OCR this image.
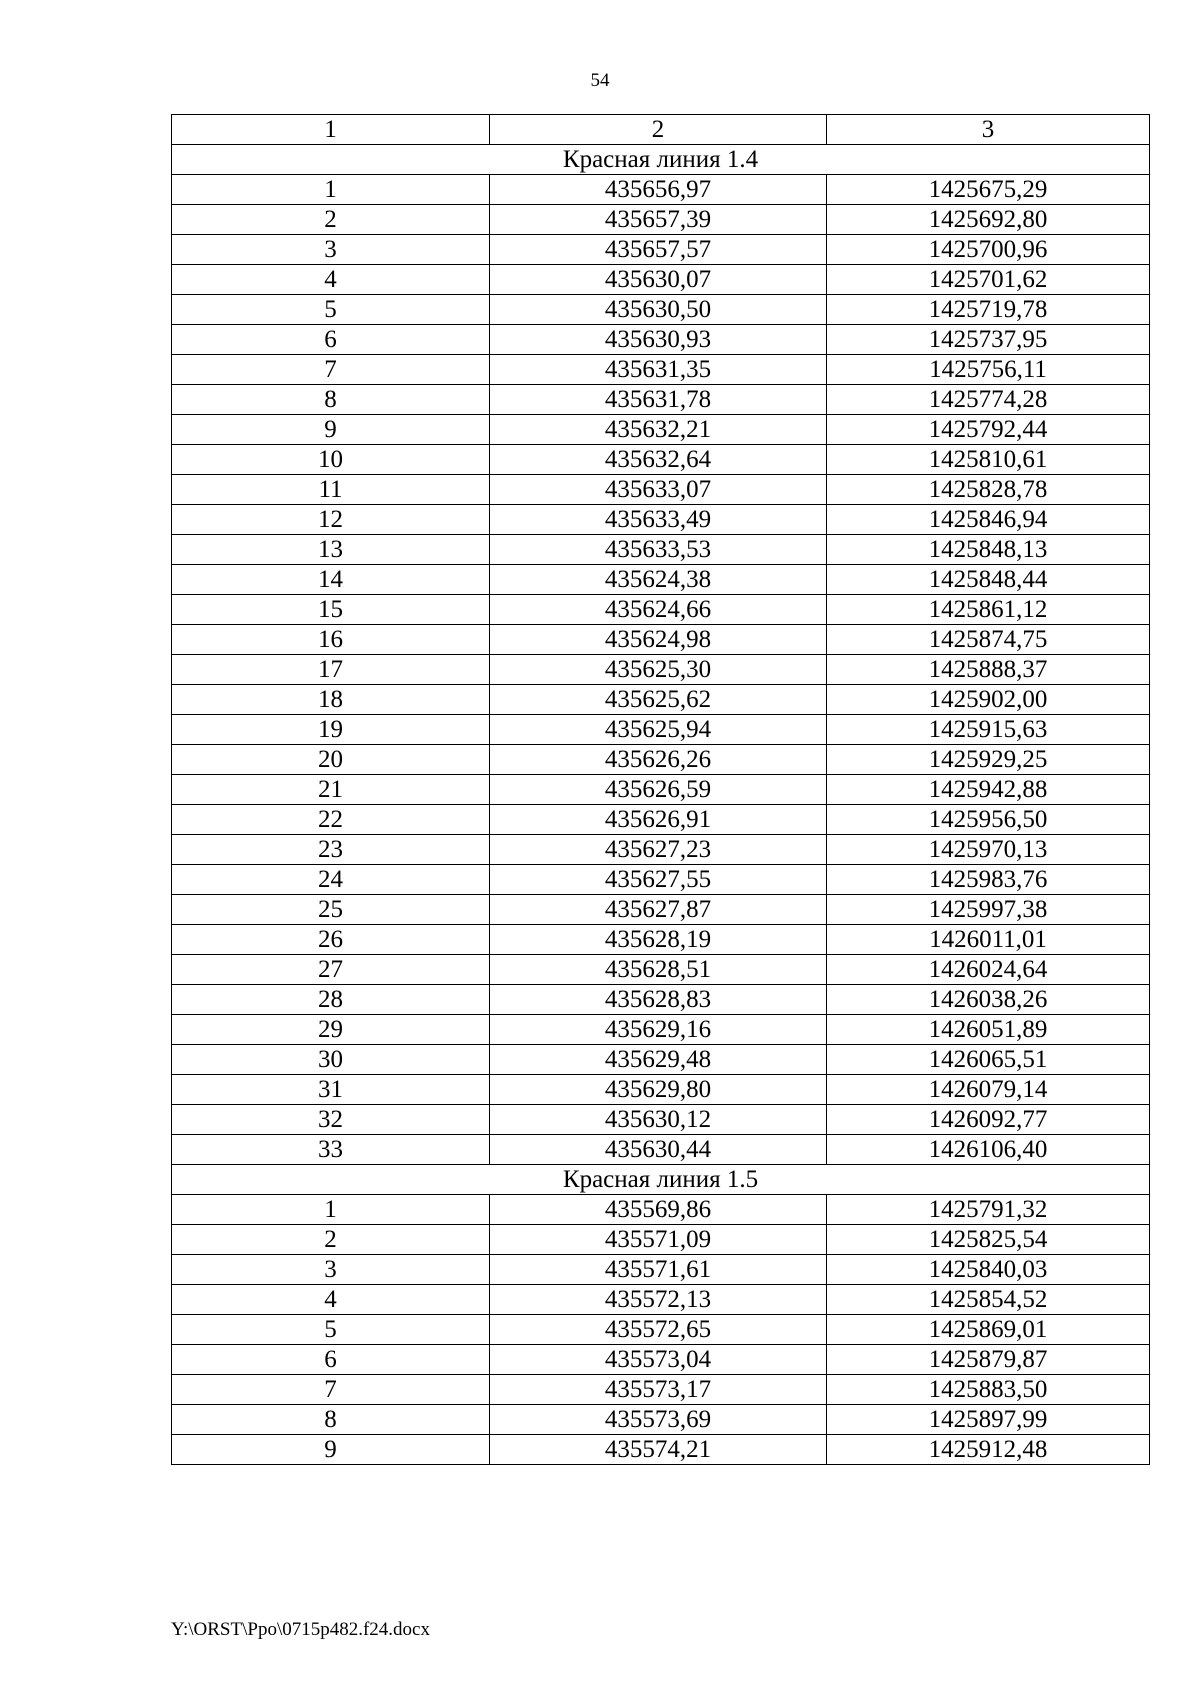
54
1	2	3
Красная линия 1.4		
1	435656,97	1425675,29
2	435657,39	1425692,80
3	435657,57	1425700,96
4	435630,07	1425701,62
5	435630,50	1425719,78
6	435630,93	1425737,95
7	435631,35	1425756,11
8	435631,78	1425774,28
9	435632,21	1425792,44
10	435632,64	1425810,61
11	435633,07	1425828,78
12	435633,49	1425846,94
13	435633,53	1425848,13
14	435624,38	1425848,44
15	435624,66	1425861,12
16	435624,98	1425874,75
17	435625,30	1425888,37
18	435625,62	1425902,00
19	435625,94	1425915,63
20	435626,26	1425929,25
21	435626,59	1425942,88
22	435626,91	1425956,50
23	435627,23	1425970,13
24	435627,55	1425983,76
25	435627,87	1425997,38
26	435628,19	1426011,01
27	435628,51	1426024,64
28	435628,83	1426038,26
29	435629,16	1426051,89
30	435629,48	1426065,51
31	435629,80	1426079,14
32	435630,12	1426092,77
33	435630,44	1426106,40
Красная линия 1.5		
1	435569,86	1425791,32
2	435571,09	1425825,54
3	435571,61	1425840,03
4	435572,13	1425854,52
5	435572,65	1425869,01
6	435573,04	1425879,87
7	435573,17	1425883,50
8	435573,69	1425897,99
9	435574,21	1425912,48
Y:\ORST\Ppo\0715p482.f24.docx
